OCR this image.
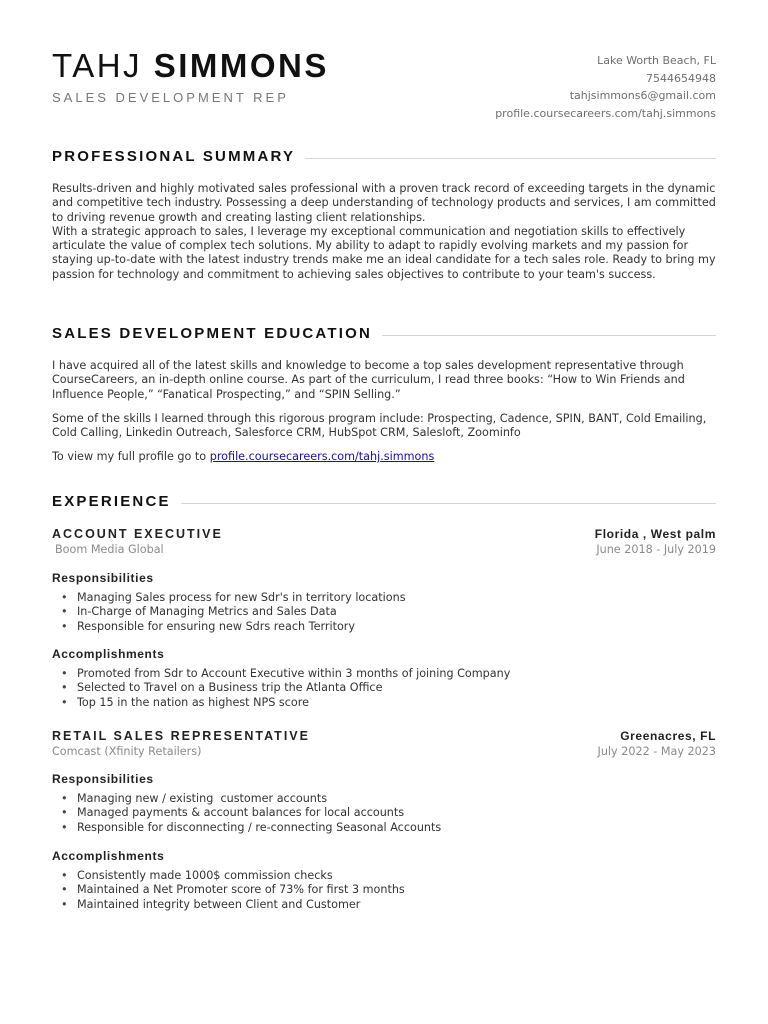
TAHJ SIMMONS
SALES DEVELOPMENT REP
Lake Worth Beach, FL
7544654948
tahjsimmons6@gmail.com
profile.coursecareers.com/tahj.simmons
PROFESSIONAL SUMMARY

Results-driven and highly motivated sales professional with a proven track record of exceeding targets in the dynamic and competitive tech industry. Possessing a deep understanding of technology products and services, I am committed to driving revenue growth and creating lasting client relationships.

With a strategic approach to sales, I leverage my exceptional communication and negotiation skills to effectively articulate the value of complex tech solutions. My ability to adapt to rapidly evolving markets and my passion for staying up-to-date with the latest industry trends make me an ideal candidate for a tech sales role. Ready to bring my passion for technology and commitment to achieving sales objectives to contribute to your team's success.

SALES DEVELOPMENT EDUCATION

I have acquired all of the latest skills and knowledge to become a top sales development representative through CourseCareers, an in-depth online course. As part of the curriculum, I read three books: “How to Win Friends and Influence People,” “Fanatical Prospecting,” and “SPIN Selling.”

Some of the skills I learned through this rigorous program include: Prospecting, Cadence, SPIN, BANT, Cold Emailing, Cold Calling, Linkedin Outreach, Salesforce CRM, HubSpot CRM, Salesloft, Zoominfo

To view my full profile go to profile.coursecareers.com/tahj.simmons

EXPERIENCE
ACCOUNT EXECUTIVE	Florida , West palm
Boom Media Global	June 2018 - July 2019
Responsibilities
• Managing Sales process for new Sdr's in territory locations
• In-Charge of Managing Metrics and Sales Data
• Responsible for ensuring new Sdrs reach Territory
Accomplishments
• Promoted from Sdr to Account Executive within 3 months of joining Company
• Selected to Travel on a Business trip the Atlanta Office
• Top 15 in the nation as highest NPS score
RETAIL SALES REPRESENTATIVE	Greenacres, FL
Comcast (Xfinity Retailers)	July 2022 - May 2023
Responsibilities
• Managing new / existing  customer accounts
• Managed payments & account balances for local accounts
• Responsible for disconnecting / re-connecting Seasonal Accounts
Accomplishments
• Consistently made 1000$ commission checks
• Maintained a Net Promoter score of 73% for first 3 months
• Maintained integrity between Client and Customer
